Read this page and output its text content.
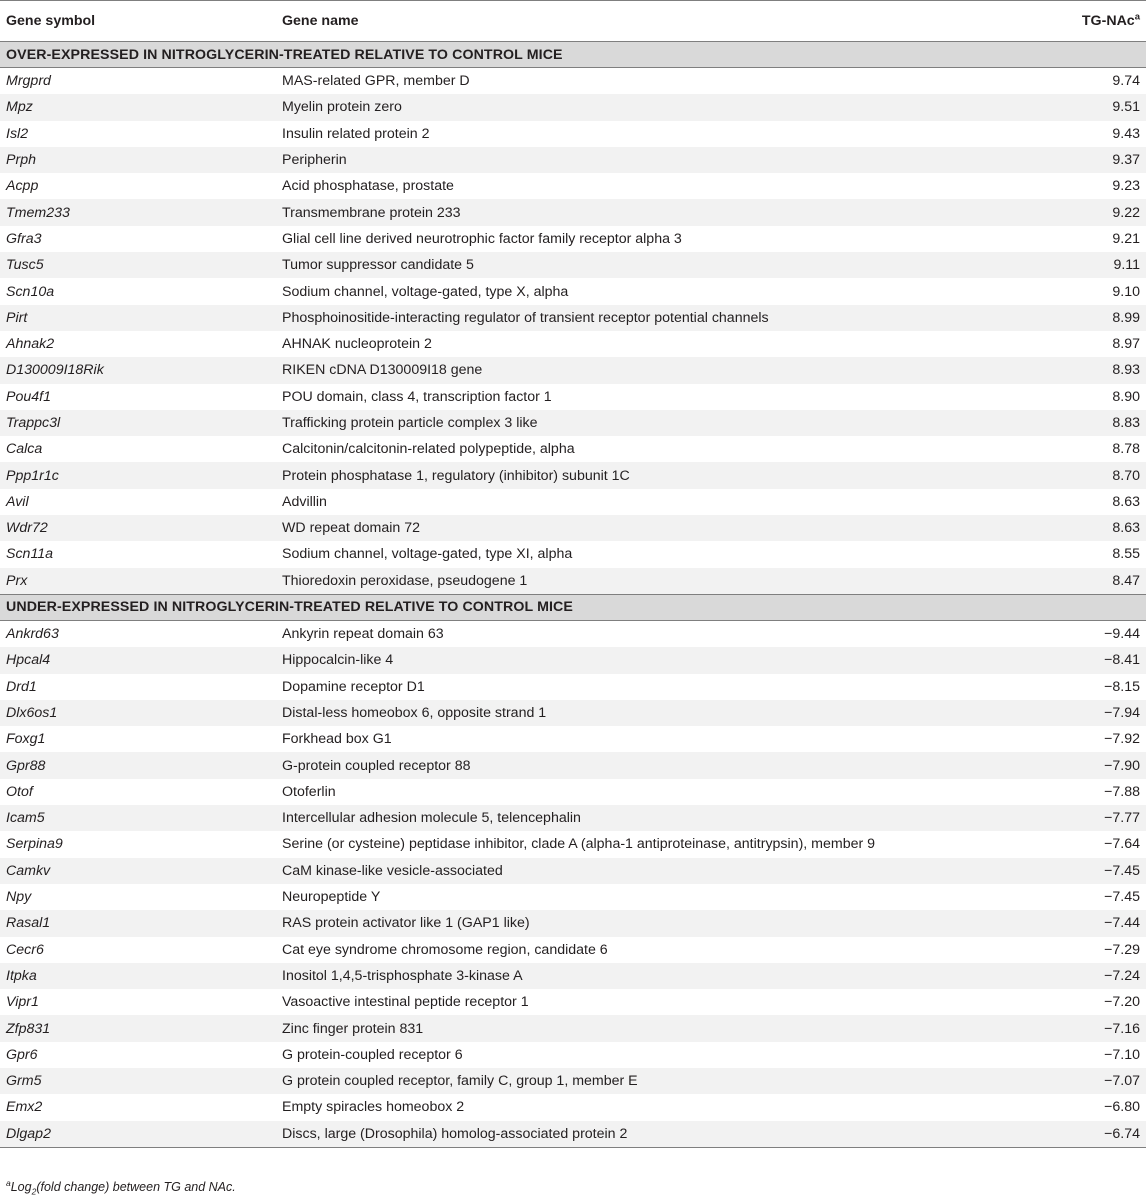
Gene symbol	Gene name	TG-NAc$^a$
OVER-EXPRESSED IN NITROGLYCERIN-TREATED RELATIVE TO CONTROL MICE		
Mrgprd	MAS-related GPR, member D	9.74
Mpz	Myelin protein zero	9.51
Isl2	Insulin related protein 2	9.43
Prph	Peripherin	9.37
Acpp	Acid phosphatase, prostate	9.23
Tmem233	Transmembrane protein 233	9.22
Gfra3	Glial cell line derived neurotrophic factor family receptor alpha 3	9.21
Tusc5	Tumor suppressor candidate 5	9.11
Scn10a	Sodium channel, voltage-gated, type X, alpha	9.10
Pirt	Phosphoinositide-interacting regulator of transient receptor potential channels	8.99
Ahnak2	AHNAK nucleoprotein 2	8.97
D130009I18Rik	RIKEN cDNA D130009I18 gene	8.93
Pou4f1	POU domain, class 4, transcription factor 1	8.90
Trappc3l	Trafficking protein particle complex 3 like	8.83
Calca	Calcitonin/calcitonin-related polypeptide, alpha	8.78
Ppp1r1c	Protein phosphatase 1, regulatory (inhibitor) subunit 1C	8.70
Avil	Advillin	8.63
Wdr72	WD repeat domain 72	8.63
Scn11a	Sodium channel, voltage-gated, type XI, alpha	8.55
Prx	Thioredoxin peroxidase, pseudogene 1	8.47
UNDER-EXPRESSED IN NITROGLYCERIN-TREATED RELATIVE TO CONTROL MICE		
Ankrd63	Ankyrin repeat domain 63	−9.44
Hpcal4	Hippocalcin-like 4	−8.41
Drd1	Dopamine receptor D1	−8.15
Dlx6os1	Distal-less homeobox 6, opposite strand 1	−7.94
Foxg1	Forkhead box G1	−7.92
Gpr88	G-protein coupled receptor 88	−7.90
Otof	Otoferlin	−7.88
Icam5	Intercellular adhesion molecule 5, telencephalin	−7.77
Serpina9	Serine (or cysteine) peptidase inhibitor, clade A (alpha-1 antiproteinase, antitrypsin), member 9	−7.64
Camkv	CaM kinase-like vesicle-associated	−7.45
Npy	Neuropeptide Y	−7.45
Rasal1	RAS protein activator like 1 (GAP1 like)	−7.44
Cecr6	Cat eye syndrome chromosome region, candidate 6	−7.29
Itpka	Inositol 1,4,5-trisphosphate 3-kinase A	−7.24
Vipr1	Vasoactive intestinal peptide receptor 1	−7.20
Zfp831	Zinc finger protein 831	−7.16
Gpr6	G protein-coupled receptor 6	−7.10
Grm5	G protein coupled receptor, family C, group 1, member E	−7.07
Emx2	Empty spiracles homeobox 2	−6.80
Dlgap2	Discs, large (Drosophila) homolog-associated protein 2	−6.74
$^a$Log$_2$(fold change) between TG and NAc.
